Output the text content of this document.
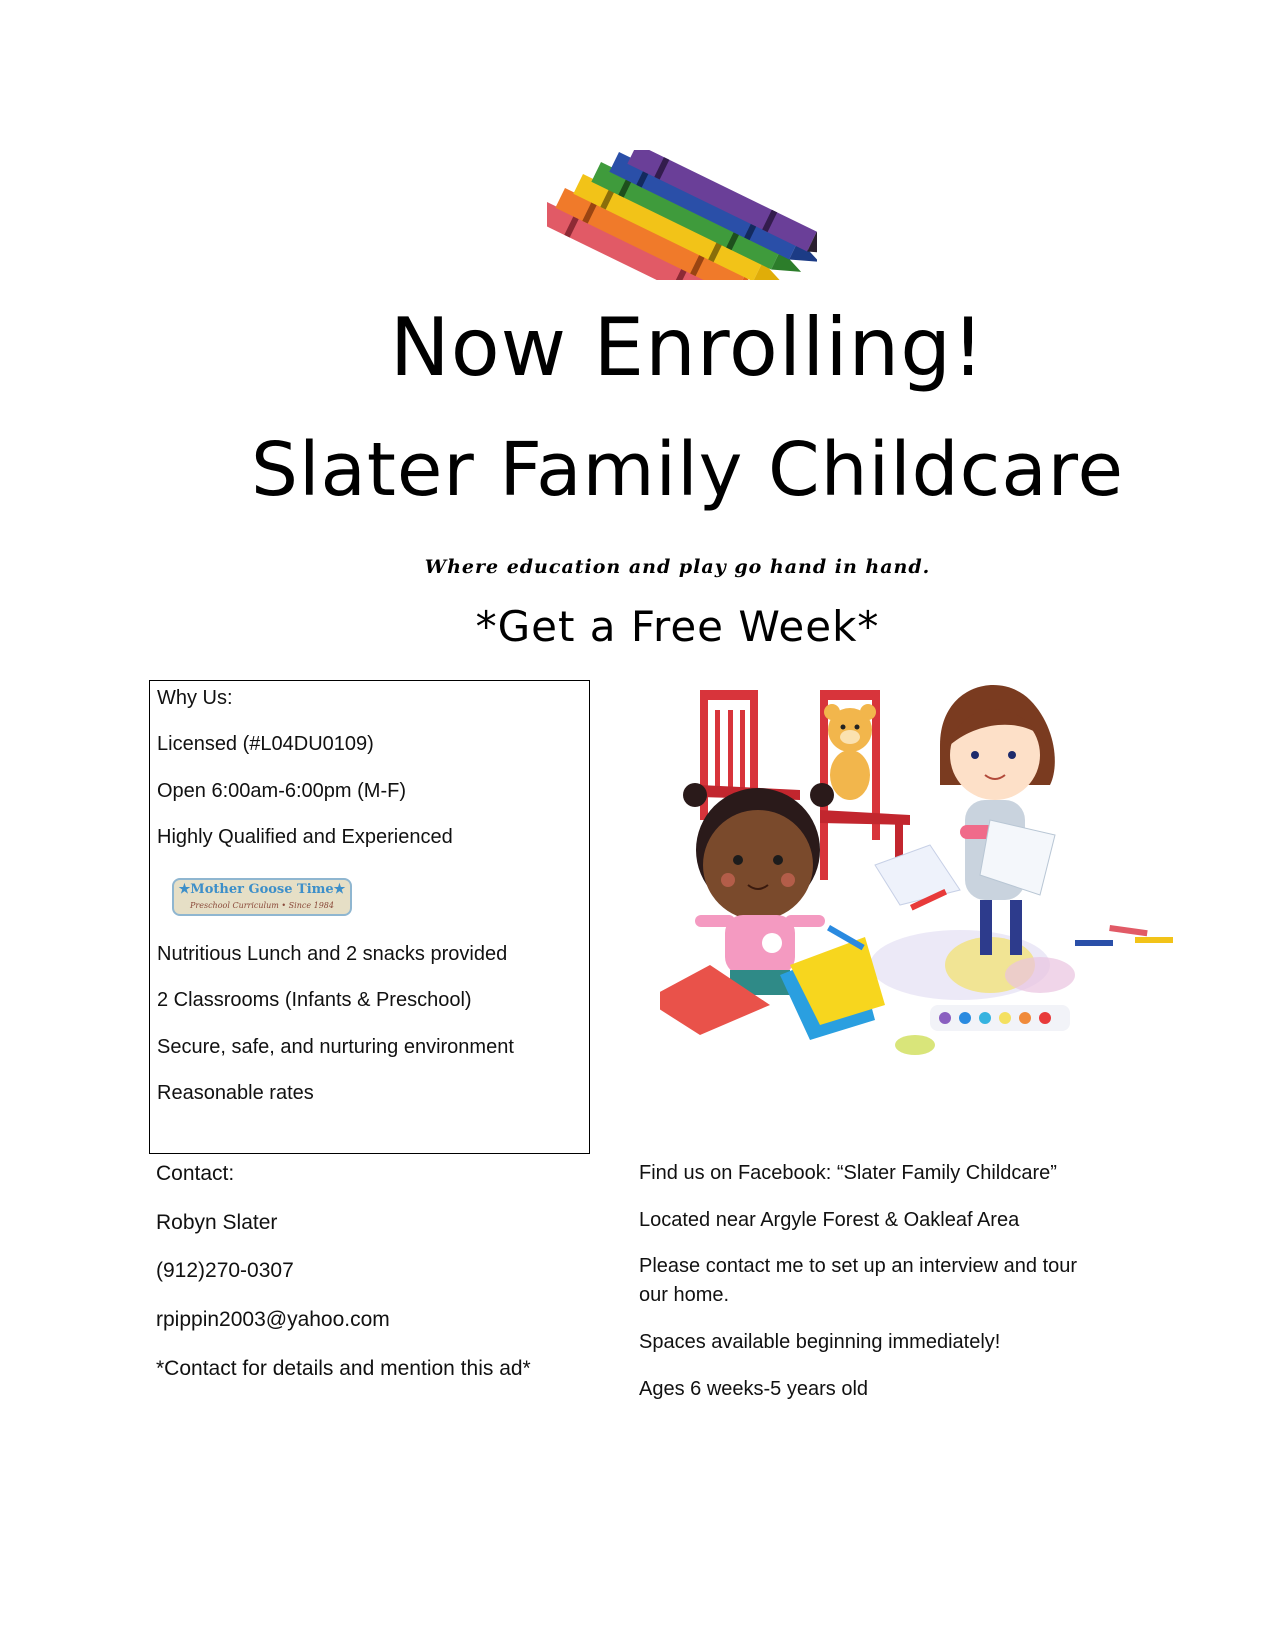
Now Enrolling!
Slater Family Childcare
Where education and play go hand in hand.
*Get a Free Week*
Why Us:
Licensed (#L04DU0109)
Open 6:00am-6:00pm (M-F)
Highly Qualified and Experienced
★Mother Goose Time★
Preschool Curriculum • Since 1984
Nutritious Lunch and 2 snacks provided
2 Classrooms (Infants & Preschool)
Secure, safe, and nurturing environment
Reasonable rates
Contact:
Robyn Slater
(912)270-0307
rpippin2003@yahoo.com
*Contact for details and mention this ad*
Find us on Facebook: “Slater Family Childcare”
Located near Argyle Forest & Oakleaf Area
Please contact me to set up an interview and tour
our home.
Spaces available beginning immediately!
Ages 6 weeks-5 years old
